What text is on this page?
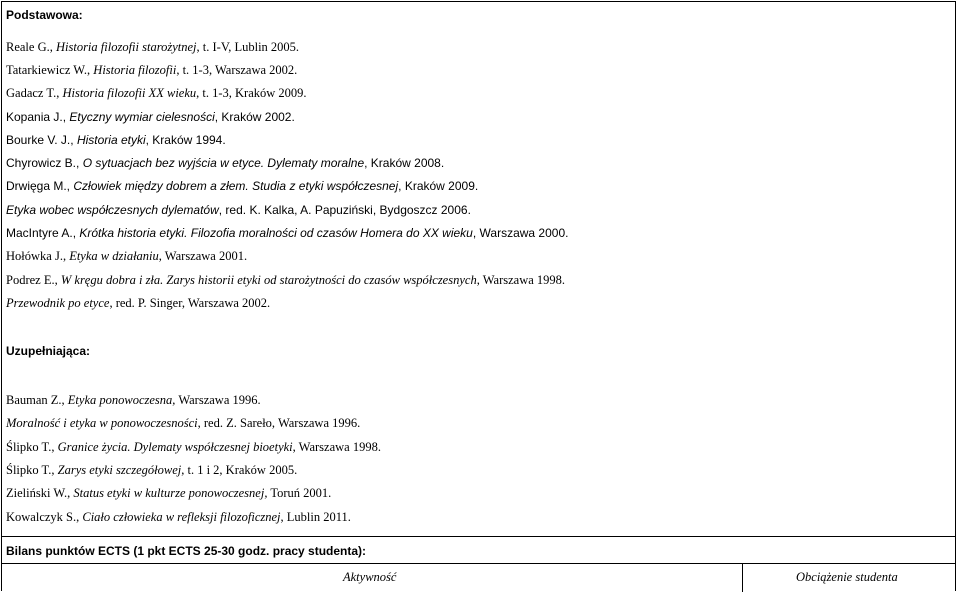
Podstawowa:
Reale G., Historia filozofii starożytnej, t. I-V, Lublin 2005.
Tatarkiewicz W., Historia filozofii, t. 1-3, Warszawa 2002.
Gadacz T., Historia filozofii XX wieku, t. 1-3, Kraków 2009.
Kopania J., Etyczny wymiar cielesności, Kraków 2002.
Bourke V. J., Historia etyki, Kraków 1994.
Chyrowicz B., O sytuacjach bez wyjścia w etyce. Dylematy moralne, Kraków 2008.
Drwięga M., Człowiek między dobrem a złem. Studia z etyki współczesnej, Kraków 2009.
Etyka wobec współczesnych dylematów, red. K. Kalka, A. Papuziński, Bydgoszcz 2006.
MacIntyre A., Krótka historia etyki. Filozofia moralności od czasów Homera do XX wieku, Warszawa 2000.
Hołówka J., Etyka w działaniu, Warszawa 2001.
Podrez E., W kręgu dobra i zła. Zarys historii etyki od starożytności do czasów współczesnych, Warszawa 1998.
Przewodnik po etyce, red. P. Singer, Warszawa 2002.
Uzupełniająca:
Bauman Z., Etyka ponowoczesna, Warszawa 1996.
Moralność i etyka w ponowoczesności, red. Z. Sareło, Warszawa 1996.
Ślipko T., Granice życia. Dylematy współczesnej bioetyki, Warszawa 1998.
Ślipko T., Zarys etyki szczegółowej, t. 1 i 2, Kraków 2005.
Zieliński W., Status etyki w kulturze ponowoczesnej, Toruń 2001.
Kowalczyk S., Ciało człowieka w refleksji filozoficznej, Lublin 2011.
Bilans punktów ECTS (1 pkt ECTS 25-30 godz. pracy studenta):
Aktywność	Obciążenie studenta
